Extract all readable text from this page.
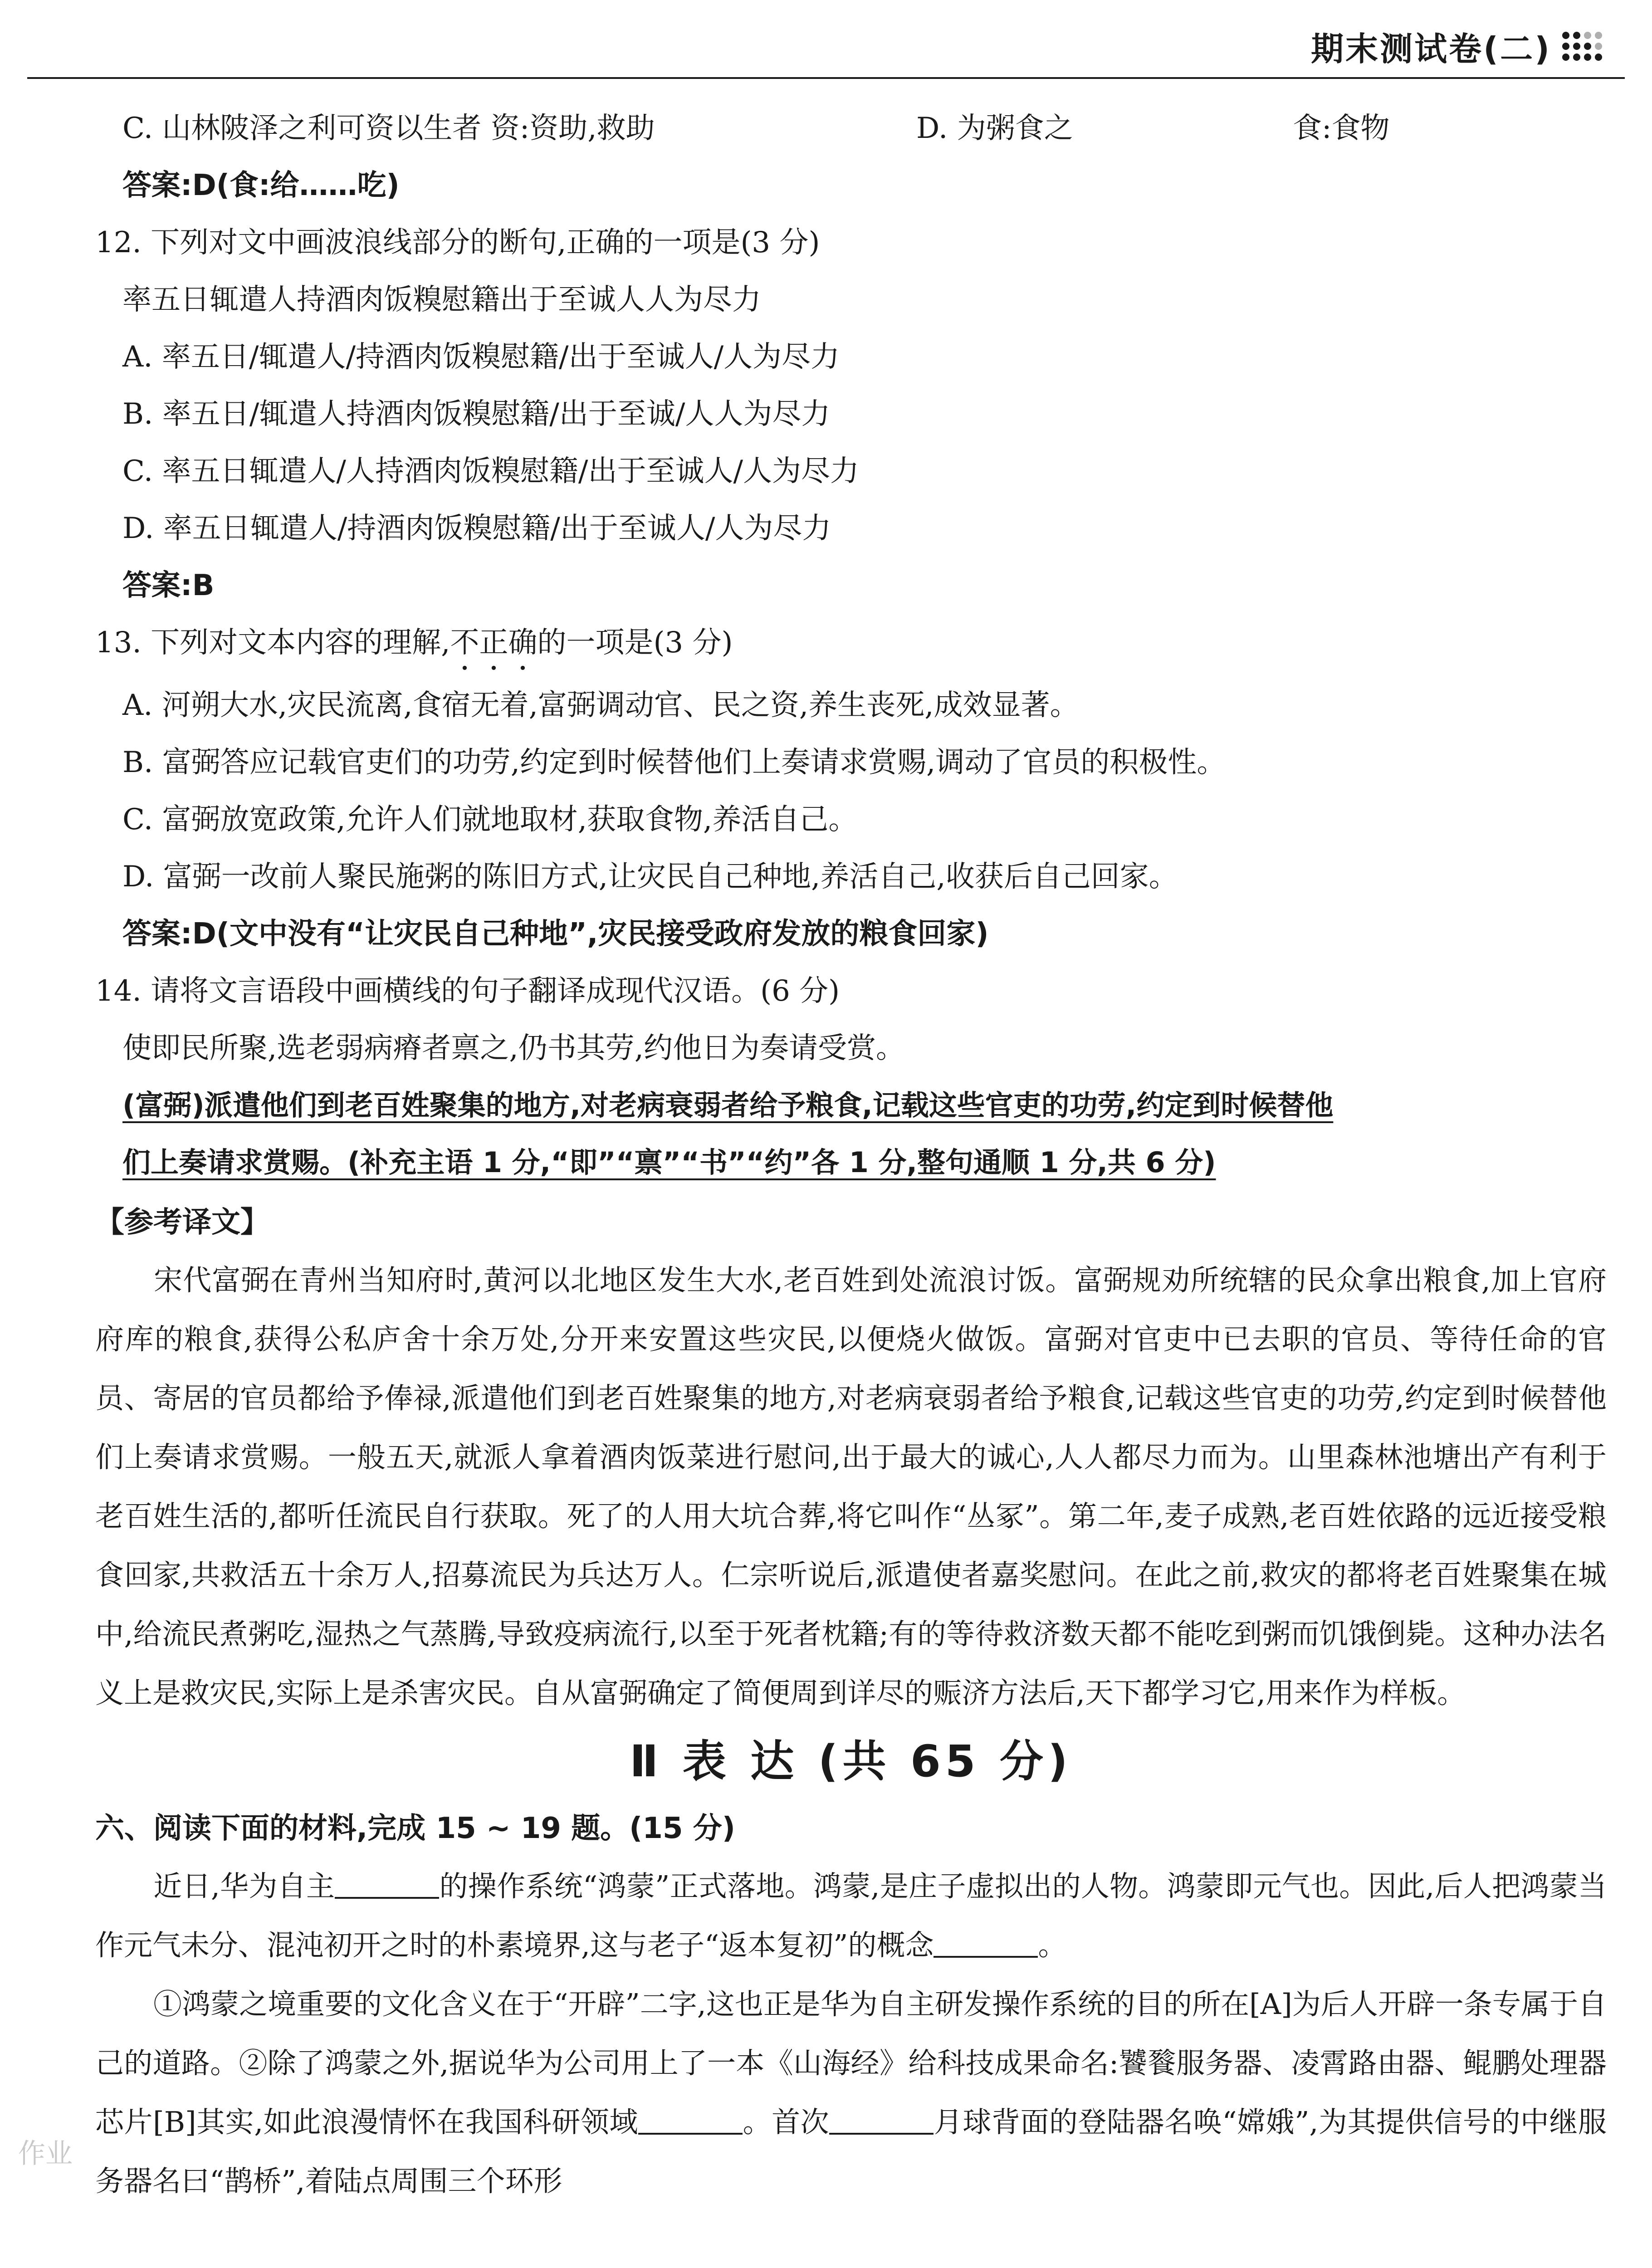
期末测试卷(二)
C. 山林陂泽之利可资以生者 资:资助,救助	D. 为粥食之	食:食物
答案:D(食:给……吃)
12. 下列对文中画波浪线部分的断句,正确的一项是(3 分)
率五日辄遣人持酒肉饭糗慰籍出于至诚人人为尽力
A. 率五日/辄遣人/持酒肉饭糗慰籍/出于至诚人/人为尽力
B. 率五日/辄遣人持酒肉饭糗慰籍/出于至诚/人人为尽力
C. 率五日辄遣人/人持酒肉饭糗慰籍/出于至诚人/人为尽力
D. 率五日辄遣人/持酒肉饭糗慰籍/出于至诚人/人为尽力
答案:B
13. 下列对文本内容的理解,不正确的一项是(3 分)
A. 河朔大水,灾民流离,食宿无着,富弼调动官、民之资,养生丧死,成效显著。
B. 富弼答应记载官吏们的功劳,约定到时候替他们上奏请求赏赐,调动了官员的积极性。
C. 富弼放宽政策,允许人们就地取材,获取食物,养活自己。
D. 富弼一改前人聚民施粥的陈旧方式,让灾民自己种地,养活自己,收获后自己回家。
答案:D(文中没有“让灾民自己种地”,灾民接受政府发放的粮食回家)
14. 请将文言语段中画横线的句子翻译成现代汉语。(6 分)
使即民所聚,选老弱病瘠者禀之,仍书其劳,约他日为奏请受赏。
(富弼)派遣他们到老百姓聚集的地方,对老病衰弱者给予粮食,记载这些官吏的功劳,约定到时候替他
们上奏请求赏赐。(补充主语 1 分,“即”“禀”“书”“约”各 1 分,整句通顺 1 分,共 6 分)
【参考译文】
宋代富弼在青州当知府时,黄河以北地区发生大水,老百姓到处流浪讨饭。富弼规劝所统辖的民众拿出粮食,加上官府府库的粮食,获得公私庐舍十余万处,分开来安置这些灾民,以便烧火做饭。富弼对官吏中已去职的官员、等待任命的官员、寄居的官员都给予俸禄,派遣他们到老百姓聚集的地方,对老病衰弱者给予粮食,记载这些官吏的功劳,约定到时候替他们上奏请求赏赐。一般五天,就派人拿着酒肉饭菜进行慰问,出于最大的诚心,人人都尽力而为。山里森林池塘出产有利于老百姓生活的,都听任流民自行获取。死了的人用大坑合葬,将它叫作“丛冢”。第二年,麦子成熟,老百姓依路的远近接受粮食回家,共救活五十余万人,招募流民为兵达万人。仁宗听说后,派遣使者嘉奖慰问。在此之前,救灾的都将老百姓聚集在城中,给流民煮粥吃,湿热之气蒸腾,导致疫病流行,以至于死者枕籍;有的等待救济数天都不能吃到粥而饥饿倒毙。这种办法名义上是救灾民,实际上是杀害灾民。自从富弼确定了简便周到详尽的赈济方法后,天下都学习它,用来作为样板。
Ⅱ 表 达 (共 65 分)
六、阅读下面的材料,完成 15 ~ 19 题。(15 分)
近日,华为自主	的操作系统“鸿蒙”正式落地。鸿蒙,是庄子虚拟出的人物。鸿蒙即元气也。因此,后人把鸿蒙当作元气未分、混沌初开之时的朴素境界,这与老子“返本复初”的概念	。
①鸿蒙之境重要的文化含义在于“开辟”二字,这也正是华为自主研发操作系统的目的所在[A]为后人开辟一条专属于自己的道路。②除了鸿蒙之外,据说华为公司用上了一本《山海经》给科技成果命名:饕餮服务器、凌霄路由器、鲲鹏处理器芯片[B]其实,如此浪漫情怀在我国科研领域	。首次	月球背面的登陆器名唤“嫦娥”,为其提供信号的中继服务器名曰“鹊桥”,着陆点周围三个环形
作业
